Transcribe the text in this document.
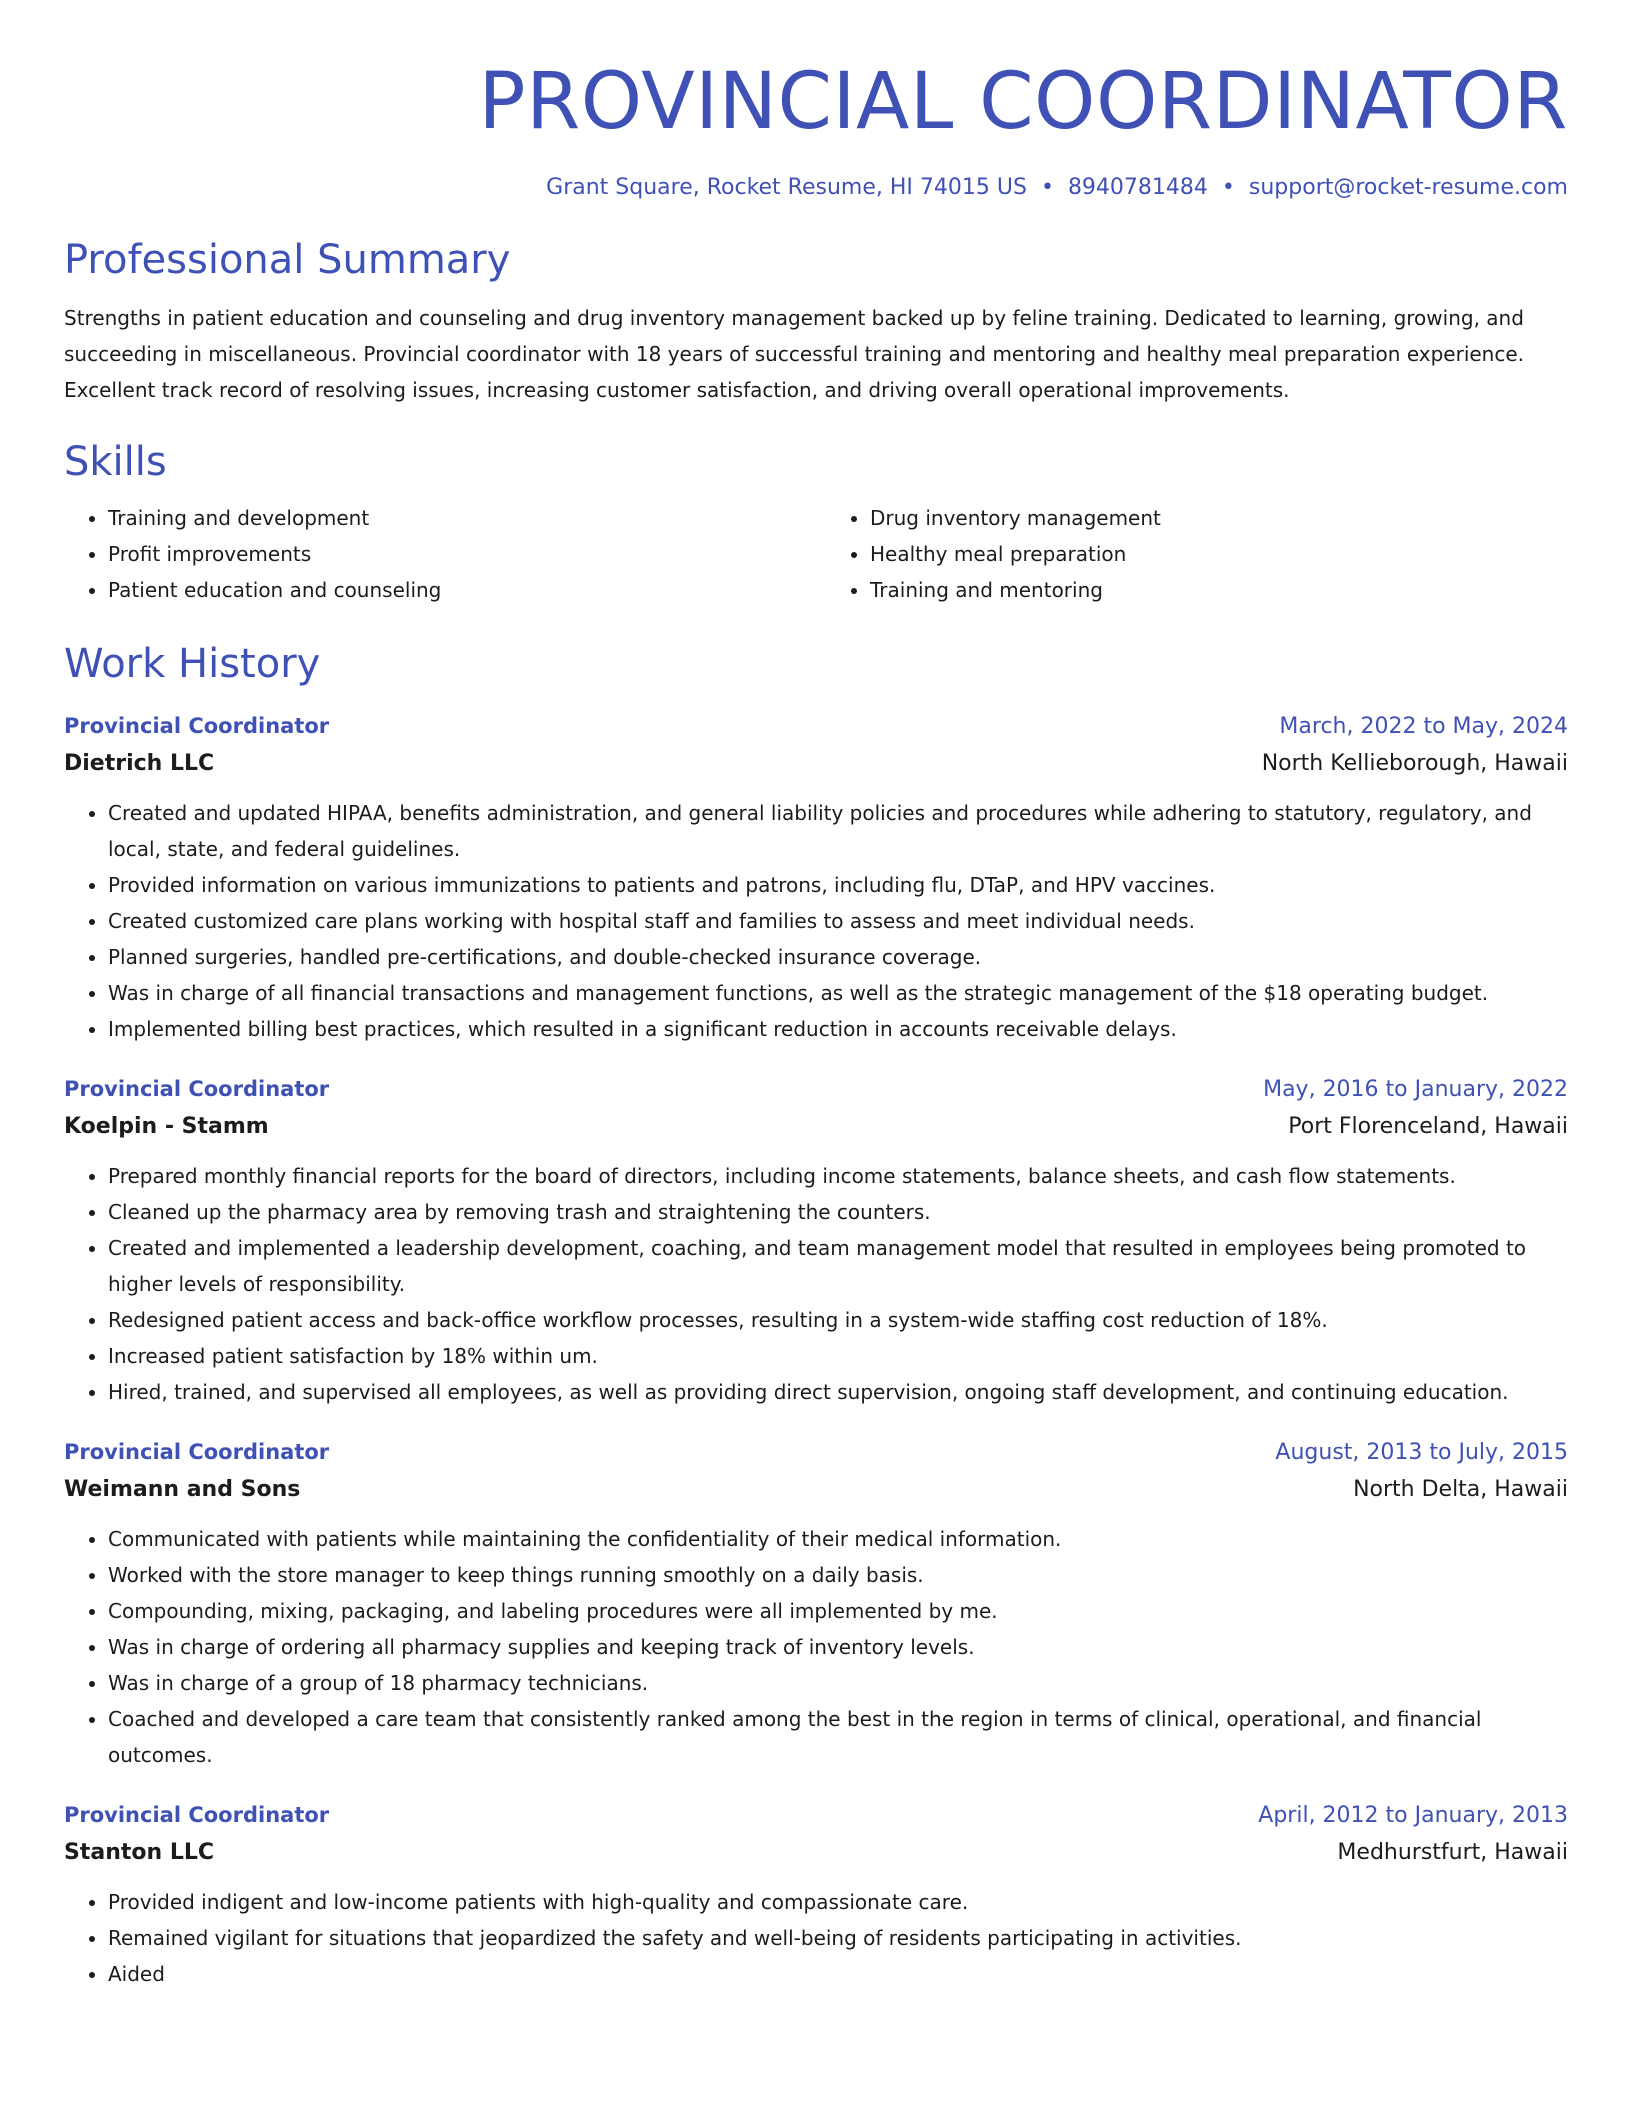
PROVINCIAL COORDINATOR
Grant Square, Rocket Resume, HI 74015 US • 8940781484 • support@rocket-resume.com
Professional Summary
Strengths in patient education and counseling and drug inventory management backed up by feline training. Dedicated to learning, growing, and succeeding in miscellaneous. Provincial coordinator with 18 years of successful training and mentoring and healthy meal preparation experience. Excellent track record of resolving issues, increasing customer satisfaction, and driving overall operational improvements.
Skills
• Training and development
• Profit improvements
• Patient education and counseling
• Drug inventory management
• Healthy meal preparation
• Training and mentoring
Work History
Provincial Coordinator	March, 2022 to May, 2024
Dietrich LLC	North Kellieborough, Hawaii
• Created and updated HIPAA, benefits administration, and general liability policies and procedures while adhering to statutory, regulatory, and local, state, and federal guidelines.
• Provided information on various immunizations to patients and patrons, including flu, DTaP, and HPV vaccines.
• Created customized care plans working with hospital staff and families to assess and meet individual needs.
• Planned surgeries, handled pre-certifications, and double-checked insurance coverage.
• Was in charge of all financial transactions and management functions, as well as the strategic management of the $18 operating budget.
• Implemented billing best practices, which resulted in a significant reduction in accounts receivable delays.
Provincial Coordinator	May, 2016 to January, 2022
Koelpin - Stamm	Port Florenceland, Hawaii
• Prepared monthly financial reports for the board of directors, including income statements, balance sheets, and cash flow statements.
• Cleaned up the pharmacy area by removing trash and straightening the counters.
• Created and implemented a leadership development, coaching, and team management model that resulted in employees being promoted to higher levels of responsibility.
• Redesigned patient access and back-office workflow processes, resulting in a system-wide staffing cost reduction of 18%.
• Increased patient satisfaction by 18% within um.
• Hired, trained, and supervised all employees, as well as providing direct supervision, ongoing staff development, and continuing education.
Provincial Coordinator	August, 2013 to July, 2015
Weimann and Sons	North Delta, Hawaii
• Communicated with patients while maintaining the confidentiality of their medical information.
• Worked with the store manager to keep things running smoothly on a daily basis.
• Compounding, mixing, packaging, and labeling procedures were all implemented by me.
• Was in charge of ordering all pharmacy supplies and keeping track of inventory levels.
• Was in charge of a group of 18 pharmacy technicians.
• Coached and developed a care team that consistently ranked among the best in the region in terms of clinical, operational, and financial outcomes.
Provincial Coordinator	April, 2012 to January, 2013
Stanton LLC	Medhurstfurt, Hawaii
• Provided indigent and low-income patients with high-quality and compassionate care.
• Remained vigilant for situations that jeopardized the safety and well-being of residents participating in activities.
• Aided
